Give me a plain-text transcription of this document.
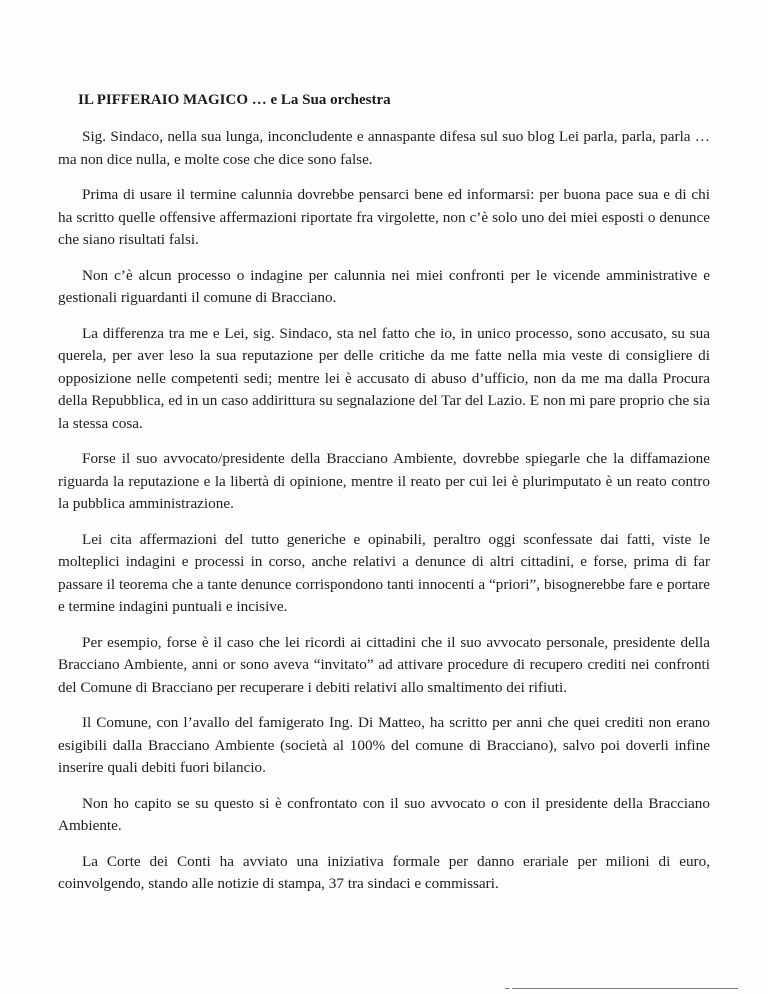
IL PIFFERAIO MAGICO … e La Sua orchestra

Sig. Sindaco, nella sua lunga, inconcludente e annaspante difesa sul suo blog Lei parla, parla, parla … ma non dice nulla, e molte cose che dice sono false.

Prima di usare il termine calunnia dovrebbe pensarci bene ed informarsi: per buona pace sua e di chi ha scritto quelle offensive affermazioni riportate fra virgolette, non c’è solo uno dei miei esposti o denunce che siano risultati falsi.

Non c’è alcun processo o indagine per calunnia nei miei confronti per le vicende amministrative e gestionali riguardanti il comune di Bracciano.

La differenza tra me e Lei, sig. Sindaco, sta nel fatto che io, in unico processo, sono accusato, su sua querela, per aver leso la sua reputazione per delle critiche da me fatte nella mia veste di consigliere di opposizione nelle competenti sedi; mentre lei è accusato di abuso d’ufficio, non da me ma dalla Procura della Repubblica, ed in un caso addirittura su segnalazione del Tar del Lazio. E non mi pare proprio che sia la stessa cosa.

Forse il suo avvocato/presidente della Bracciano Ambiente, dovrebbe spiegarle che la diffamazione riguarda la reputazione e la libertà di opinione, mentre il reato per cui lei è plurimputato è un reato contro la pubblica amministrazione.

Lei cita affermazioni del tutto generiche e opinabili, peraltro oggi sconfessate dai fatti, viste le molteplici indagini e processi in corso, anche relativi a denunce di altri cittadini, e forse, prima di far passare il teorema che a tante denunce corrispondono tanti innocenti a “priori”, bisognerebbe fare e portare e termine indagini puntuali e incisive.

Per esempio, forse è il caso che lei ricordi ai cittadini che il suo avvocato personale, presidente della Bracciano Ambiente, anni or sono aveva “invitato” ad attivare procedure di recupero crediti nei confronti del Comune di Bracciano per recuperare i debiti relativi allo smaltimento dei rifiuti.

Il Comune, con l’avallo del famigerato Ing. Di Matteo, ha scritto per anni che quei crediti non erano esigibili dalla Bracciano Ambiente (società al 100% del comune di Bracciano), salvo poi doverli infine inserire quali debiti fuori bilancio.

Non ho capito se su questo si è confrontato con il suo avvocato o con il presidente della Bracciano Ambiente.

La Corte dei Conti ha avviato una iniziativa formale per danno erariale per milioni di euro, coinvolgendo, stando alle notizie di stampa, 37 tra sindaci e commissari.
